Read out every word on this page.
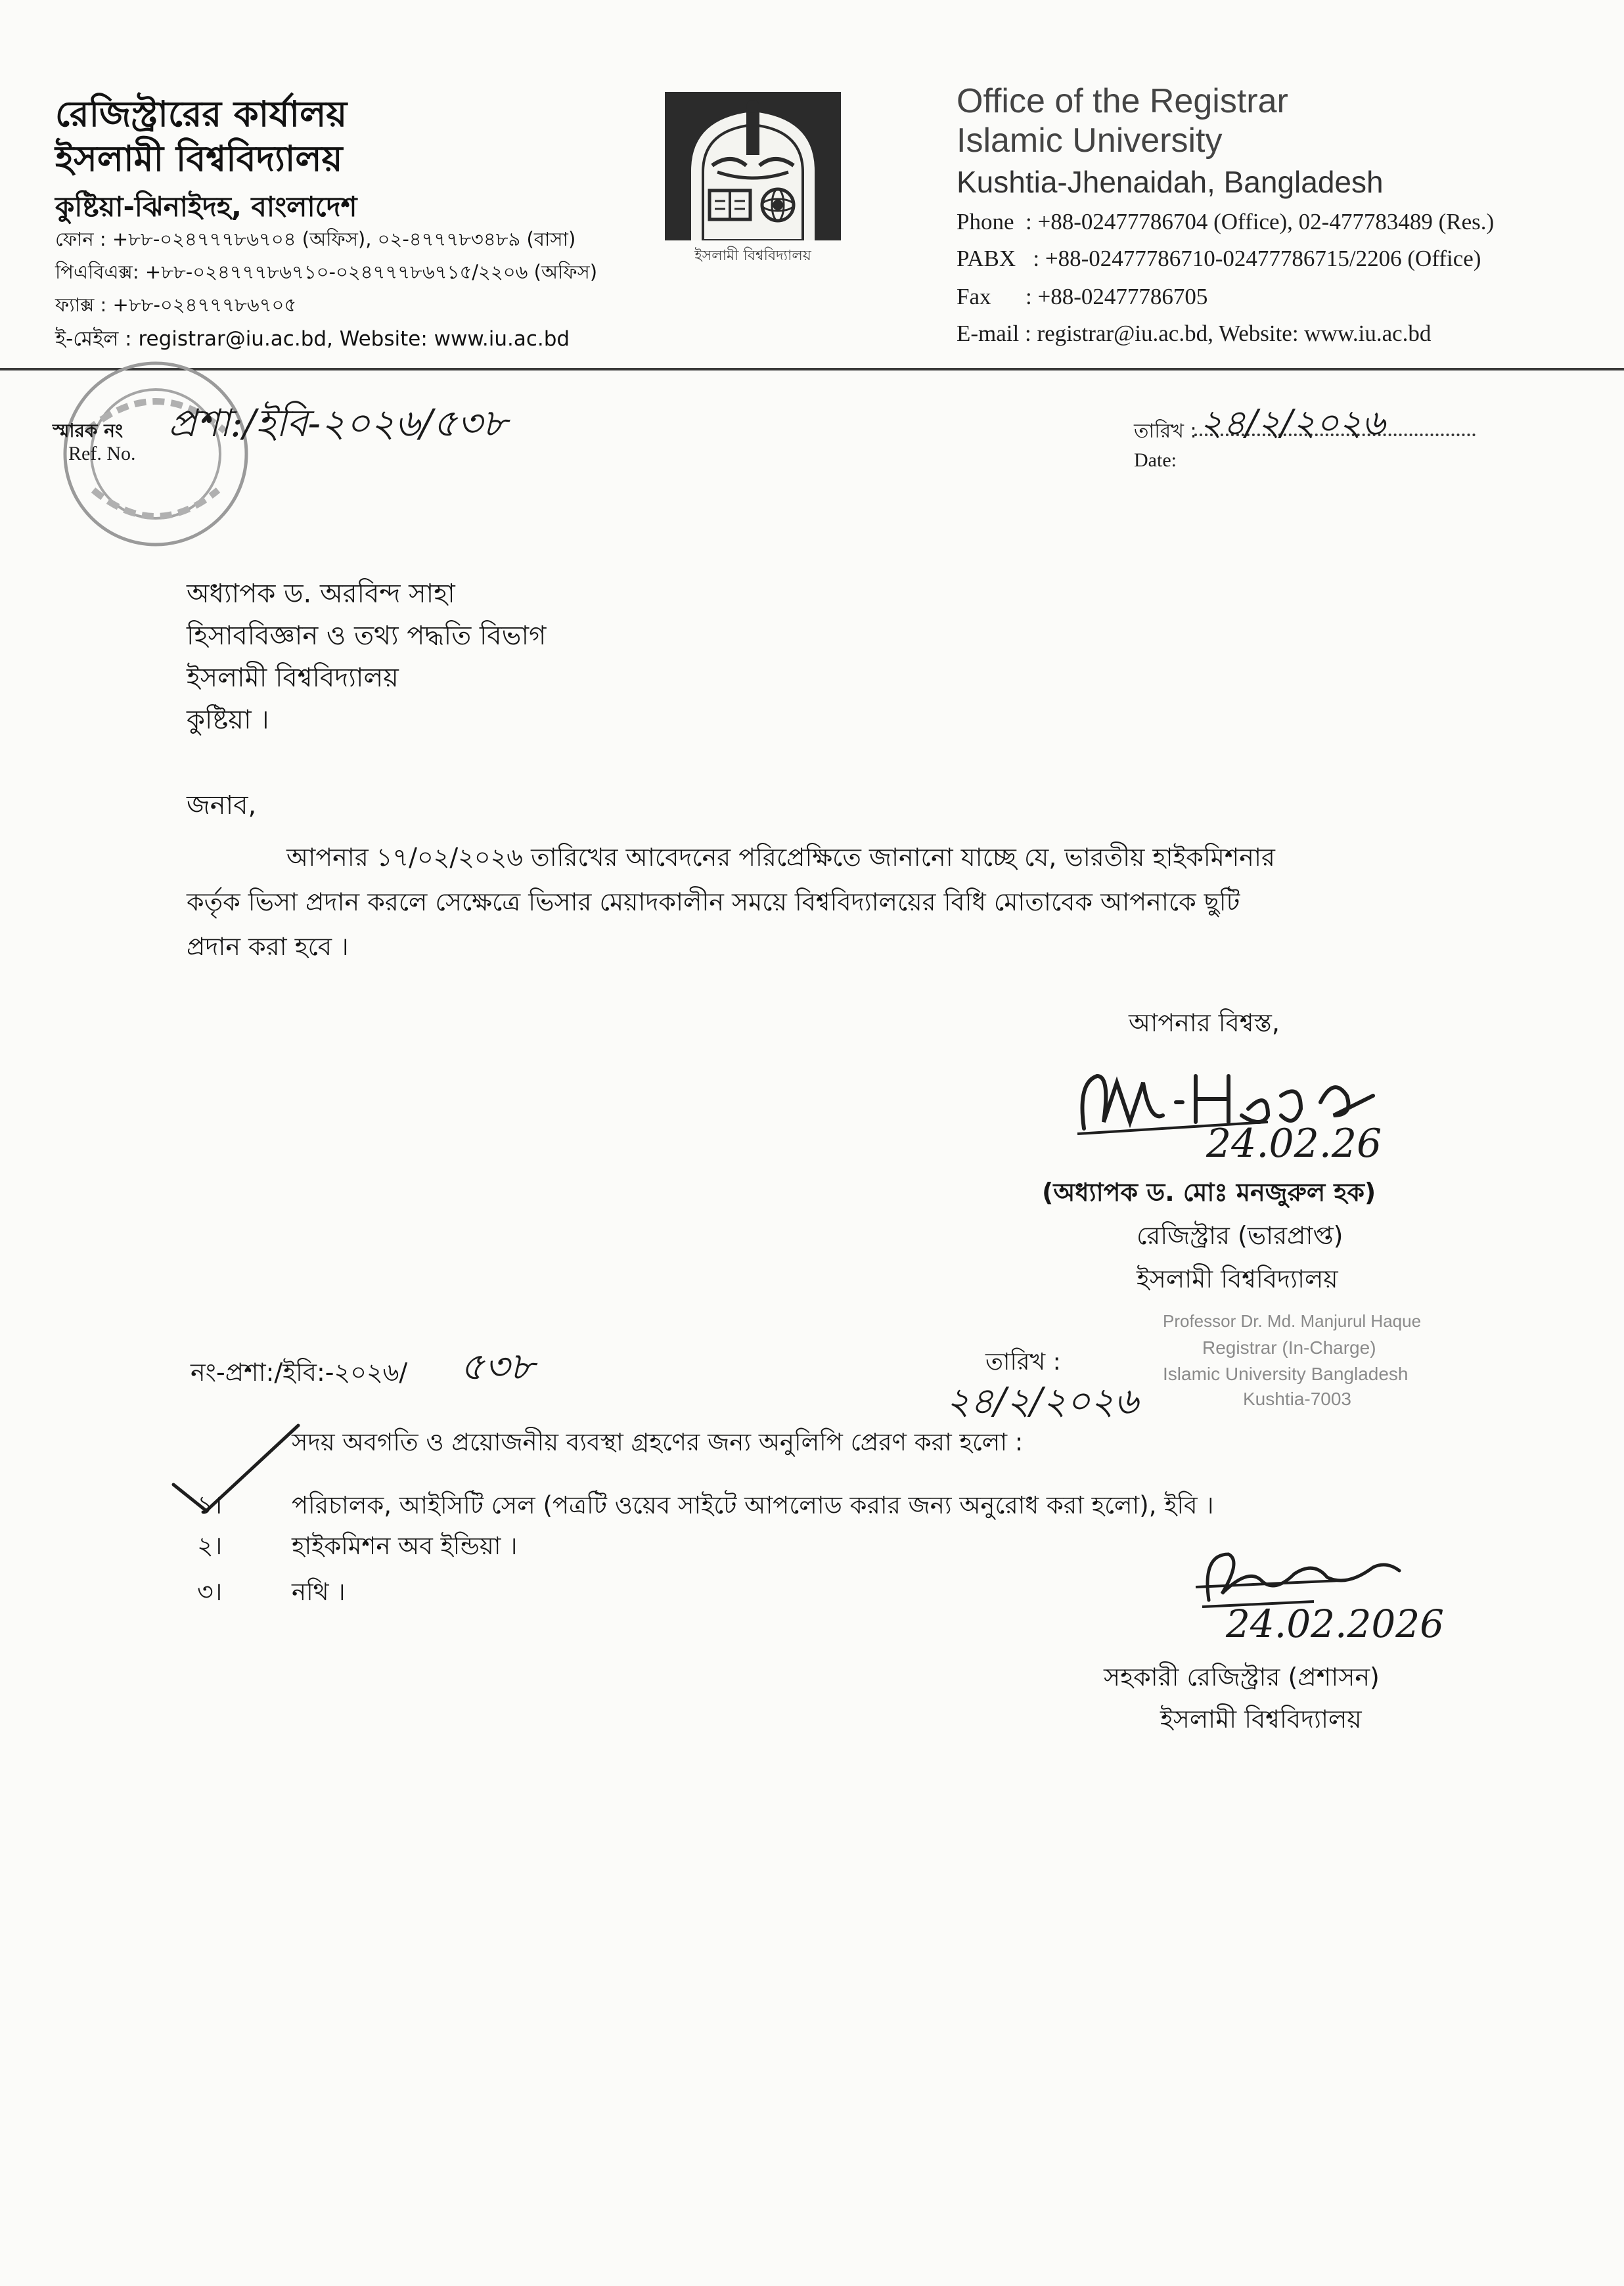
রেজিস্ট্রারের কার্যালয়
ইসলামী বিশ্ববিদ্যালয়
কুষ্টিয়া-ঝিনাইদহ, বাংলাদেশ
ফোন : +৮৮-০২৪৭৭৭৮৬৭০৪ (অফিস), ০২-৪৭৭৭৮৩৪৮৯ (বাসা)
পিএবিএক্স: +৮৮-০২৪৭৭৭৮৬৭১০-০২৪৭৭৭৮৬৭১৫/২২০৬ (অফিস)
ফ্যাক্স : +৮৮-০২৪৭৭৭৮৬৭০৫
ই-মেইল : registrar@iu.ac.bd, Website: www.iu.ac.bd
ইসলামী বিশ্ববিদ্যালয়
Office of the Registrar
Islamic University
Kushtia-Jhenaidah, Bangladesh
Phone  : +88-02477786704 (Office), 02-477783489 (Res.)
PABX   : +88-02477786710-02477786715/2206 (Office)
Fax      : +88-02477786705
E-mail : registrar@iu.ac.bd, Website: www.iu.ac.bd
স্মারক নং
Ref. No.
প্রশা:/ইবি-২০২৬/৫৩৮	তারিখ : ২৪/২/২০২৬
Date:
অধ্যাপক ড. অরবিন্দ সাহা
হিসাববিজ্ঞান ও তথ্য পদ্ধতি বিভাগ
ইসলামী বিশ্ববিদ্যালয়
কুষ্টিয়া ।
জনাব,
আপনার ১৭/০২/২০২৬ তারিখের আবেদনের পরিপ্রেক্ষিতে জানানো যাচ্ছে যে, ভারতীয় হাইকমিশনার
কর্তৃক ভিসা প্রদান করলে সেক্ষেত্রে ভিসার মেয়াদকালীন সময়ে বিশ্ববিদ্যালয়ের বিধি মোতাবেক আপনাকে ছুটি
প্রদান করা হবে ।
আপনার বিশ্বস্ত,
24.02.26
(অধ্যাপক ড. মোঃ মনজুরুল হক)
রেজিস্ট্রার (ভারপ্রাপ্ত)
ইসলামী বিশ্ববিদ্যালয়
Professor Dr. Md. Manjurul Haque
Registrar (In-Charge)
Islamic University Bangladesh
Kushtia-7003
নং-প্রশা:/ইবি:-২০২৬/ ৫৩৮	তারিখ :
২৪/২/২০২৬
সদয় অবগতি ও প্রয়োজনীয় ব্যবস্থা গ্রহণের জন্য অনুলিপি প্রেরণ করা হলো :
১।	পরিচালক, আইসিটি সেল (পত্রটি ওয়েব সাইটে আপলোড করার জন্য অনুরোধ করা হলো), ইবি ।
২।	হাইকমিশন অব ইন্ডিয়া ।
৩।	নথি ।
24.02.2026
সহকারী রেজিস্ট্রার (প্রশাসন)
ইসলামী বিশ্ববিদ্যালয়
